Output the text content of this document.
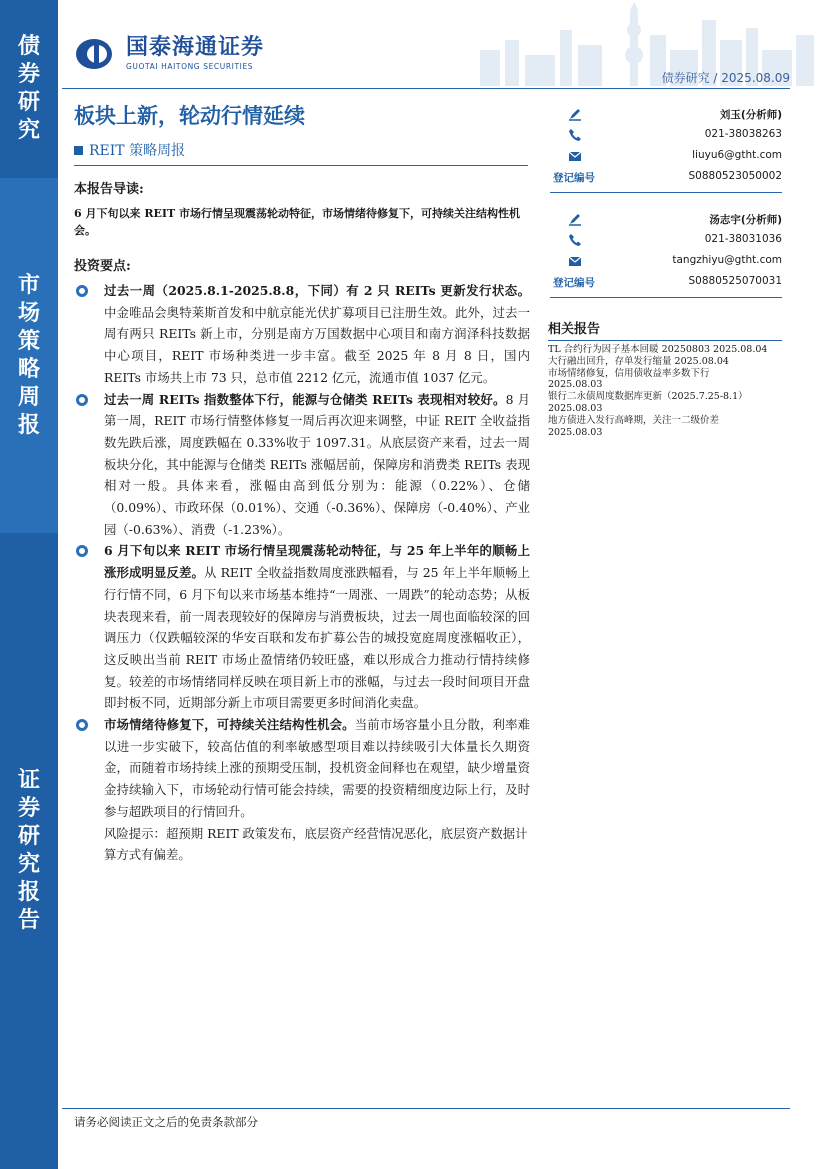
债券研究
市场策略周报
证券研究报告
国泰海通证券
GUOTAI HAITONG SECURITIES
债券研究 / 2025.08.09
板块上新，轮动行情延续
REIT 策略周报
本报告导读:
6 月下旬以来 REIT 市场行情呈现震荡轮动特征，市场情绪待修复下，可持续关注结构性机会。
投资要点:
过去一周（2025.8.1-2025.8.8，下同）有 2 只 REITs 更新发行状态。中金唯品会奥特莱斯首发和中航京能光伏扩募项目已注册生效。此外，过去一周有两只 REITs 新上市，分别是南方万国数据中心项目和南方润泽科技数据中心项目，REIT 市场种类进一步丰富。截至 2025 年 8 月 8 日，国内 REITs 市场共上市 73 只，总市值 2212 亿元，流通市值 1037 亿元。
过去一周 REITs 指数整体下行，能源与仓储类 REITs 表现相对较好。8 月第一周，REIT 市场行情整体修复一周后再次迎来调整，中证 REIT 全收益指数先跌后涨，周度跌幅在 0.33%收于 1097.31。从底层资产来看，过去一周板块分化，其中能源与仓储类 REITs 涨幅居前，保障房和消费类 REITs 表现相对一般。具体来看，涨幅由高到低分别为：能源（0.22%）、仓储（0.09%）、市政环保（0.01%）、交通（-0.36%）、保障房（-0.40%）、产业园（-0.63%）、消费（-1.23%）。
6 月下旬以来 REIT 市场行情呈现震荡轮动特征，与 25 年上半年的顺畅上涨形成明显反差。从 REIT 全收益指数周度涨跌幅看，与 25 年上半年顺畅上行行情不同，6 月下旬以来市场基本维持“一周涨、一周跌”的轮动态势；从板块表现来看，前一周表现较好的保障房与消费板块，过去一周也面临较深的回调压力（仅跌幅较深的华安百联和发布扩募公告的城投宽庭周度涨幅收正），这反映出当前 REIT 市场止盈情绪仍较旺盛，难以形成合力推动行情持续修复。较差的市场情绪同样反映在项目新上市的涨幅，与过去一段时间项目开盘即封板不同，近期部分新上市项目需要更多时间消化卖盘。
市场情绪待修复下，可持续关注结构性机会。当前市场容量小且分散，利率难以进一步实破下，较高估值的利率敏感型项目难以持续吸引大体量长久期资金，而随着市场持续上涨的预期受压制，投机资金间释也在观望，缺少增量资金持续输入下，市场轮动行情可能会持续，需要的投资精细度边际上行，及时参与超跌项目的行情回升。
风险提示：超预期 REIT 政策发布，底层资产经营情况恶化，底层资产数据计算方式有偏差。
刘玉(分析师)
021-38038263
liuyu6@gtht.com
登记编号	S0880523050002
汤志宇(分析师)
021-38031036
tangzhiyu@gtht.com
登记编号	S0880525070031
相关报告
TL 合约行为因子基本回暖 20250803 2025.08.04
大行融出回升，存单发行缩量 2025.08.04
市场情绪修复，信用债收益率多数下行
2025.08.03
银行二永债周度数据库更新（2025.7.25-8.1）
2025.08.03
地方债进入发行高峰期，关注一二级价差
2025.08.03
请务必阅读正文之后的免责条款部分
